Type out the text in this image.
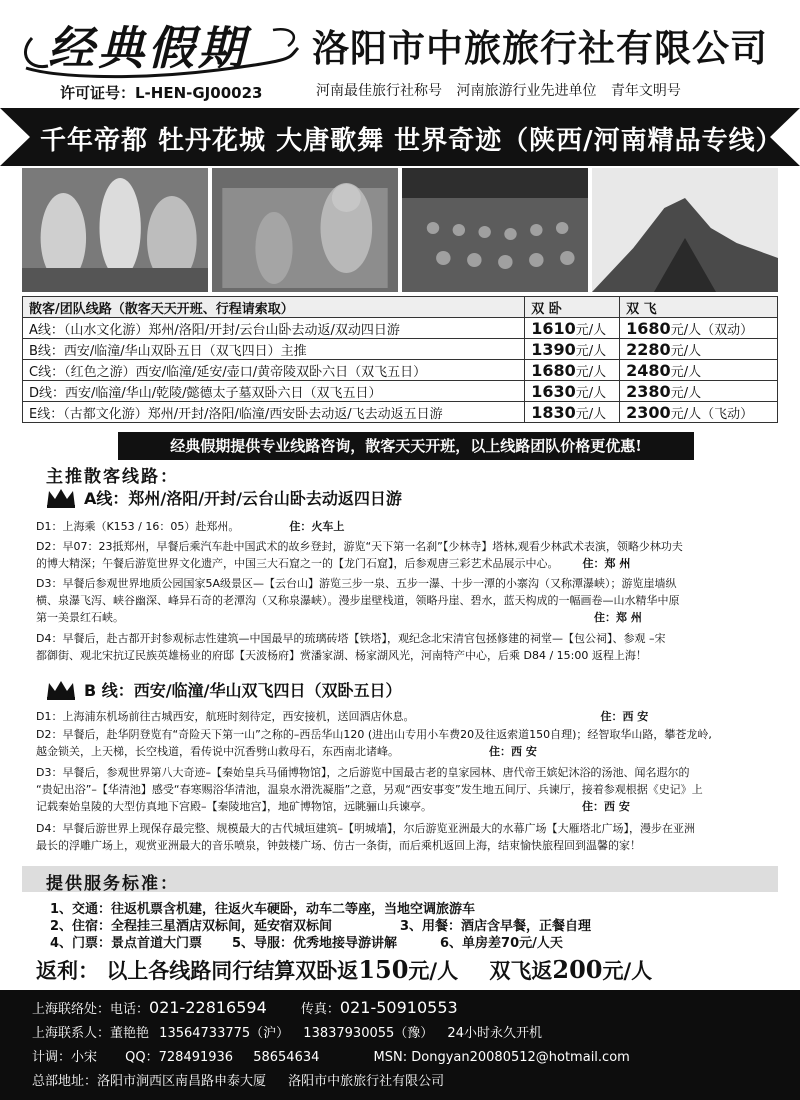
经典假期
许可证号：L-HEN-GJ00023
洛阳市中旅旅行社有限公司
河南最佳旅行社称号 河南旅游行业先进单位 青年文明号
千年帝都 牡丹花城 大唐歌舞 世界奇迹（陕西/河南精品专线）
散客/团队线路（散客天天开班、行程请索取）	双 卧	双 飞
A线：（山水文化游）郑州/洛阳/开封/云台山卧去动返/双动四日游	1610元/人	1680元/人（双动）
B线：西安/临潼/华山双卧五日（双飞四日）主推	1390元/人	2280元/人
C线：（红色之游）西安/临潼/延安/壶口/黄帝陵双卧六日（双飞五日）	1680元/人	2480元/人
D线：西安/临潼/华山/乾陵/懿德太子墓双卧六日（双飞五日）	1630元/人	2380元/人
E线：（古都文化游）郑州/开封/洛阳/临潼/西安卧去动返/飞去动返五日游	1830元/人	2300元/人（飞动）
经典假期提供专业线路咨询，散客天天开班，以上线路团队价格更优惠!
主推散客线路：
A线：郑州/洛阳/开封/云台山卧去动返四日游
D1：上海乘（K153 / 16：05）赴郑州。	住：火车上
D2：早07：23抵郑州，早餐后乘汽车赴中国武术的故乡登封，游览“天下第一名刹”【少林寺】塔林,观看少林武术表演，领略少林功夫
的博大精深；午餐后游览世界文化遗产，中国三大石窟之一的【龙门石窟】，后参观唐三彩艺术品展示中心。 住：郑 州
D3：早餐后参观世界地质公园国家5A级景区—【云台山】游览三步一泉、五步一瀑、十步一潭的小寨沟（又称潭瀑峡）；游览崖墙纵
横、泉瀑飞泻、峡谷幽深、峰异石奇的老潭沟（又称泉瀑峡）。漫步崖壁栈道，领略丹崖、碧水，蓝天构成的一幅画卷—山水精华中原
第一美景红石峡。	住：郑 州
D4：早餐后，赴古都开封参观标志性建筑—中国最早的琉璃砖塔【铁塔】，观纪念北宋清官包拯修建的祠堂—【包公祠】、参观 –宋
都御街、观北宋抗辽民族英雄杨业的府邸【天波杨府】赏潘家湖、杨家湖风光，河南特产中心，后乘 D84 / 15:00 返程上海！
B 线：西安/临潼/华山双飞四日（双卧五日）
D1：上海浦东机场前往古城西安，航班时刻待定，西安接机，送回酒店休息。	住：西 安
D2：早餐后，赴华阴登览有“奇险天下第一山”之称的–西岳华山120 (进出山专用小车费20及往返索道150自理)；经智取华山路，攀苍龙岭,
越金锁关，上天梯，长空栈道，看传说中沉香劈山救母石，东西南北诸峰。	住：西 安
D3：早餐后，参观世界第八大奇迹–【秦始皇兵马俑博物馆】，之后游览中国最古老的皇家园林、唐代帝王嫔妃沐浴的汤池、闻名遐尔的
“贵妃出浴”–【华清池】感受“春寒赐浴华清池，温泉水滑洗凝脂”之意，另观“西安事变”发生地五间厅、兵谏厅，接着参观根据《史记》上
记载秦始皇陵的大型仿真地下宫殿–【秦陵地宫】，地矿博物馆，远眺骊山兵谏亭。	住：西 安
D4：早餐后游世界上现保存最完整、规模最大的古代城垣建筑–【明城墙】，尔后游览亚洲最大的水幕广场【大雁塔北广场】，漫步在亚洲
最长的浮雕广场上，观赏亚洲最大的音乐喷泉，钟鼓楼广场、仿古一条街，而后乘机返回上海，结束愉快旅程回到温馨的家！
提供服务标准：
1、交通：往返机票含机建，往返火车硬卧，动车二等座，当地空调旅游车
2、住宿：全程挂三星酒店双标间，延安宿双标间	3、用餐：酒店含早餐，正餐自理
4、门票：景点首道大门票 5、导服：优秀地接导游讲解	6、单房差70元/人天
返利： 以上各线路同行结算双卧返150元/人 双飞返200元/人
上海联络处：电话：021-22816594	传真：021-50910553
上海联系人：董艳艳 13564733775（沪） 13837930055（豫） 24小时永久开机
计调：小宋 QQ：728491936 58654634	MSN: Dongyan20080512@hotmail.com
总部地址：洛阳市涧西区南昌路申泰大厦 洛阳市中旅旅行社有限公司
